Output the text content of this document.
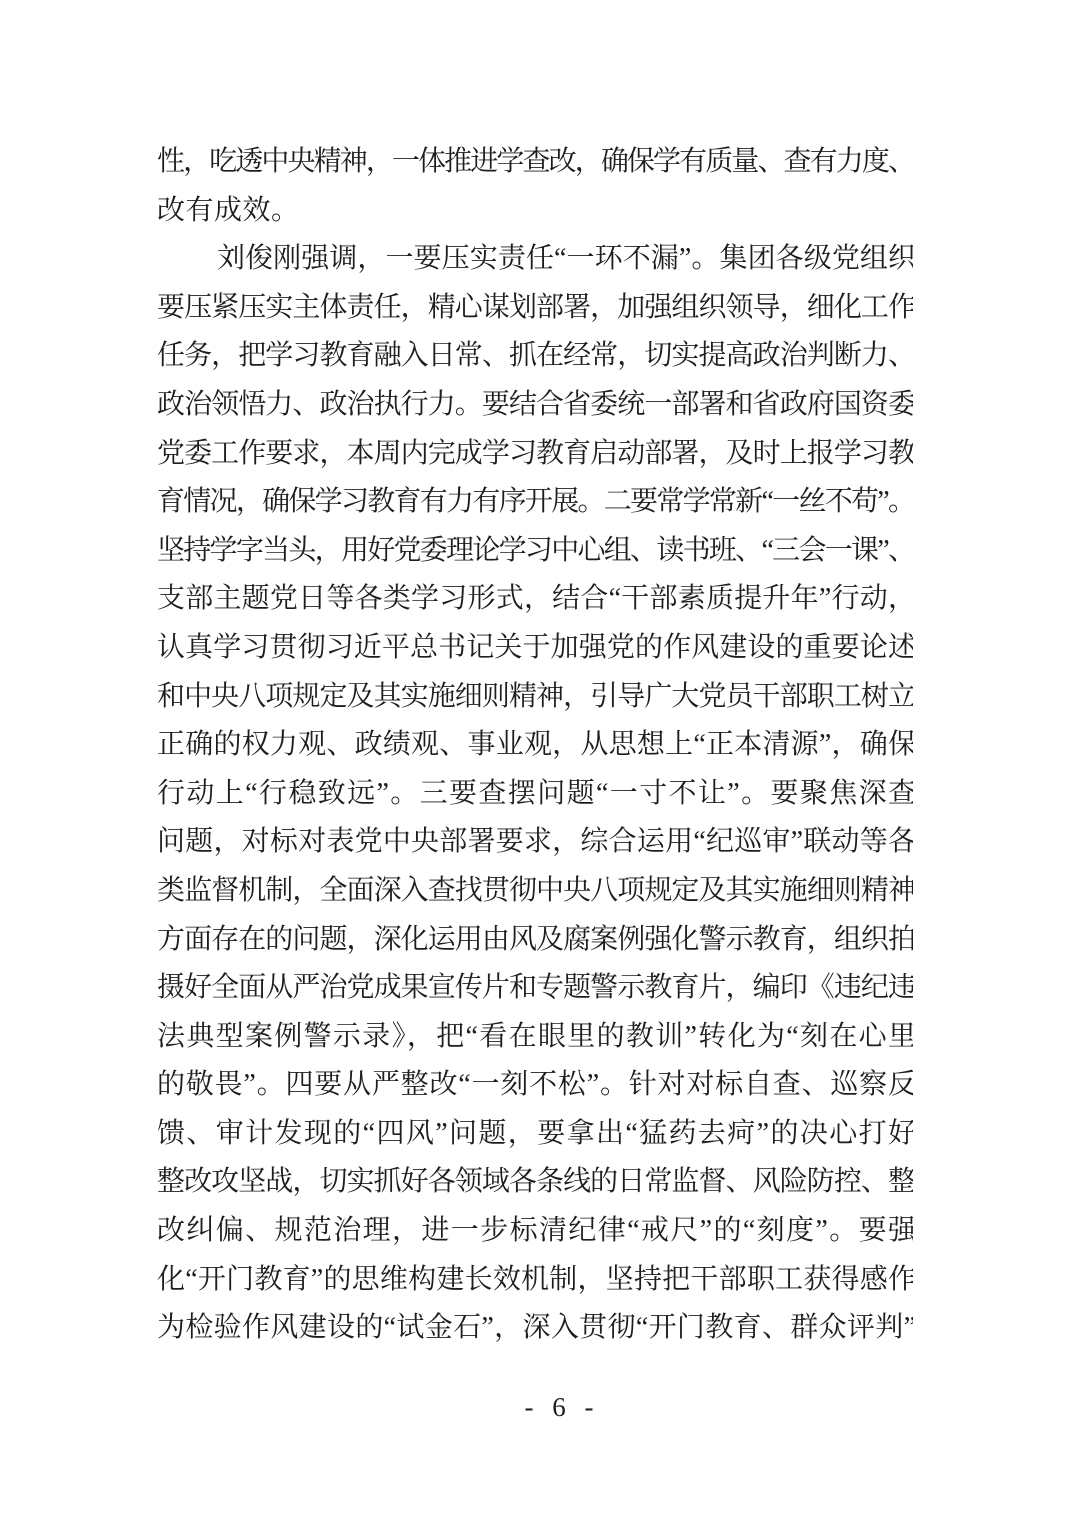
性，吃透中央精神，一体推进学查改，确保学有质量、查有力度、
改有成效。
刘俊刚强调，一要压实责任“一环不漏”。集团各级党组织
要压紧压实主体责任，精心谋划部署，加强组织领导，细化工作
任务，把学习教育融入日常、抓在经常，切实提高政治判断力、
政治领悟力、政治执行力。要结合省委统一部署和省政府国资委
党委工作要求，本周内完成学习教育启动部署，及时上报学习教
育情况，确保学习教育有力有序开展。二要常学常新“一丝不苟”。
坚持学字当头，用好党委理论学习中心组、读书班、“三会一课”、
支部主题党日等各类学习形式，结合“干部素质提升年”行动，
认真学习贯彻习近平总书记关于加强党的作风建设的重要论述
和中央八项规定及其实施细则精神，引导广大党员干部职工树立
正确的权力观、政绩观、事业观，从思想上“正本清源”，确保
行动上“行稳致远”。三要查摆问题“一寸不让”。要聚焦深查
问题，对标对表党中央部署要求，综合运用“纪巡审”联动等各
类监督机制，全面深入查找贯彻中央八项规定及其实施细则精神
方面存在的问题，深化运用由风及腐案例强化警示教育，组织拍
摄好全面从严治党成果宣传片和专题警示教育片，编印《违纪违
法典型案例警示录》，把“看在眼里的教训”转化为“刻在心里
的敬畏”。四要从严整改“一刻不松”。针对对标自查、巡察反
馈、审计发现的“四风”问题，要拿出“猛药去疴”的决心打好
整改攻坚战，切实抓好各领域各条线的日常监督、风险防控、整
改纠偏、规范治理，进一步标清纪律“戒尺”的“刻度”。要强
化“开门教育”的思维构建长效机制，坚持把干部职工获得感作
为检验作风建设的“试金石”，深入贯彻“开门教育、群众评判”
- 6 -
